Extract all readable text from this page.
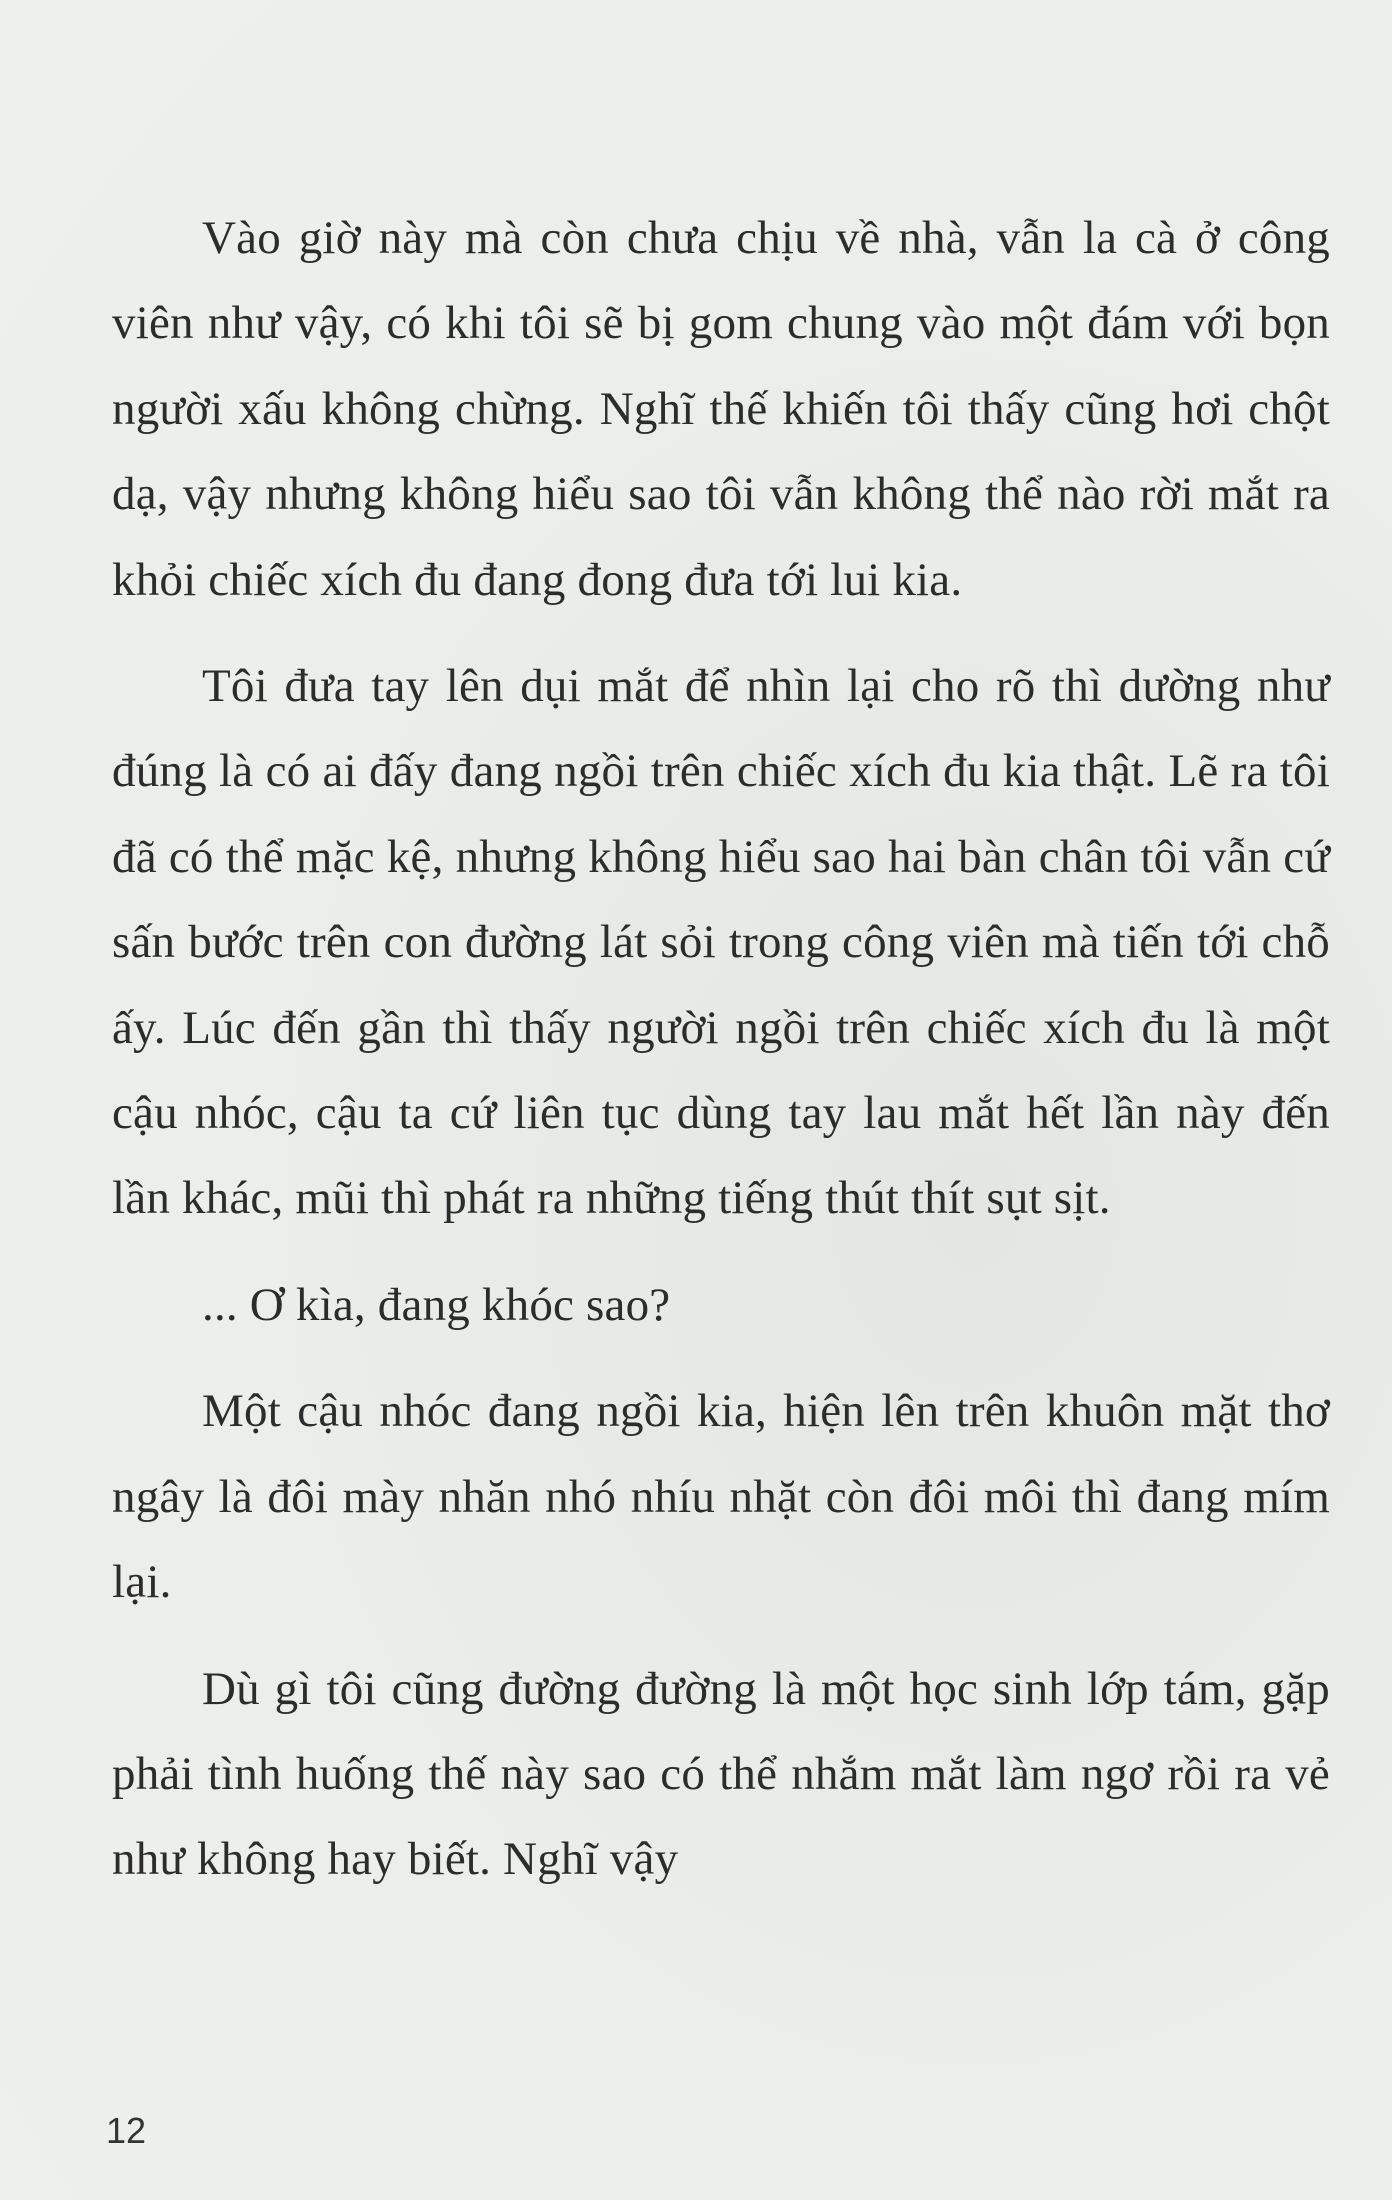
Vào giờ này mà còn chưa chịu về nhà, vẫn la cà ở công viên như vậy, có khi tôi sẽ bị gom chung vào một đám với bọn người xấu không chừng. Nghĩ thế khiến tôi thấy cũng hơi chột dạ, vậy nhưng không hiểu sao tôi vẫn không thể nào rời mắt ra khỏi chiếc xích đu đang đong đưa tới lui kia.

Tôi đưa tay lên dụi mắt để nhìn lại cho rõ thì dường như đúng là có ai đấy đang ngồi trên chiếc xích đu kia thật. Lẽ ra tôi đã có thể mặc kệ, nhưng không hiểu sao hai bàn chân tôi vẫn cứ sấn bước trên con đường lát sỏi trong công viên mà tiến tới chỗ ấy. Lúc đến gần thì thấy người ngồi trên chiếc xích đu là một cậu nhóc, cậu ta cứ liên tục dùng tay lau mắt hết lần này đến lần khác, mũi thì phát ra những tiếng thút thít sụt sịt.

... Ơ kìa, đang khóc sao?

Một cậu nhóc đang ngồi kia, hiện lên trên khuôn mặt thơ ngây là đôi mày nhăn nhó nhíu nhặt còn đôi môi thì đang mím lại.

Dù gì tôi cũng đường đường là một học sinh lớp tám, gặp phải tình huống thế này sao có thể nhắm mắt làm ngơ rồi ra vẻ như không hay biết. Nghĩ vậy

12
